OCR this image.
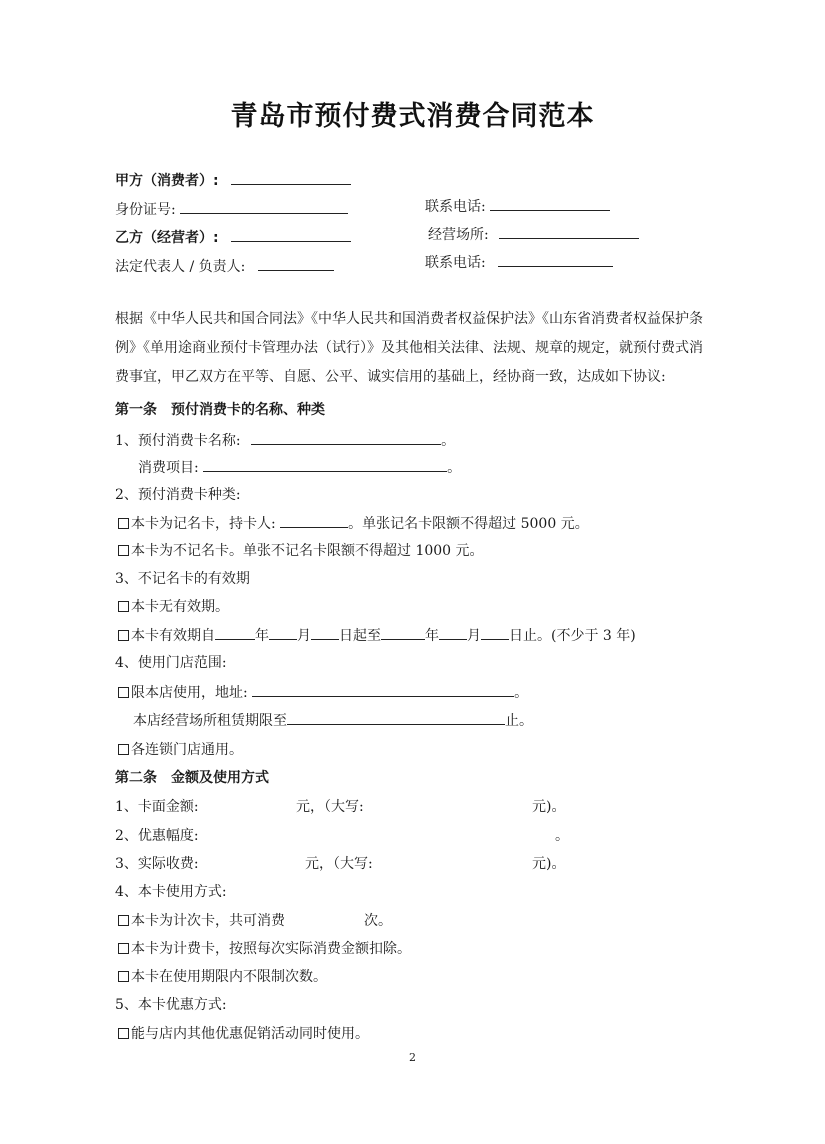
青岛市预付费式消费合同范本
甲方（消费者）:
身份证号:	联系电话:
乙方（经营者）:	经营场所:
法定代表人 / 负责人:	联系电话:
根据《中华人民共和国合同法》《中华人民共和国消费者权益保护法》《山东省消费者权益保护条例》《单用途商业预付卡管理办法（试行）》及其他相关法律、法规、规章的规定，就预付费式消费事宜，甲乙双方在平等、自愿、公平、诚实信用的基础上，经协商一致，达成如下协议:
第一条　预付消费卡的名称、种类
1、预付消费卡名称:	。
消费项目:	。
2、预付消费卡种类:
本卡为记名卡，持卡人:	。单张记名卡限额不得超过 5000 元。
本卡为不记名卡。单张不记名卡限额不得超过 1000 元。
3、不记名卡的有效期
本卡无有效期。
本卡有效期自	年 月 日起至	年 月 日止。(不少于 3 年)
4、使用门店范围:
限本店使用，地址:	。
本店经营场所租赁期限至	止。
各连锁门店通用。
第二条　金额及使用方式
1、卡面金额:	元，（大写:	元)。
2、优惠幅度:	。
3、实际收费:	元，（大写:	元)。
4、本卡使用方式:
本卡为计次卡，共可消费	次。
本卡为计费卡，按照每次实际消费金额扣除。
本卡在使用期限内不限制次数。
5、本卡优惠方式:
能与店内其他优惠促销活动同时使用。
2
